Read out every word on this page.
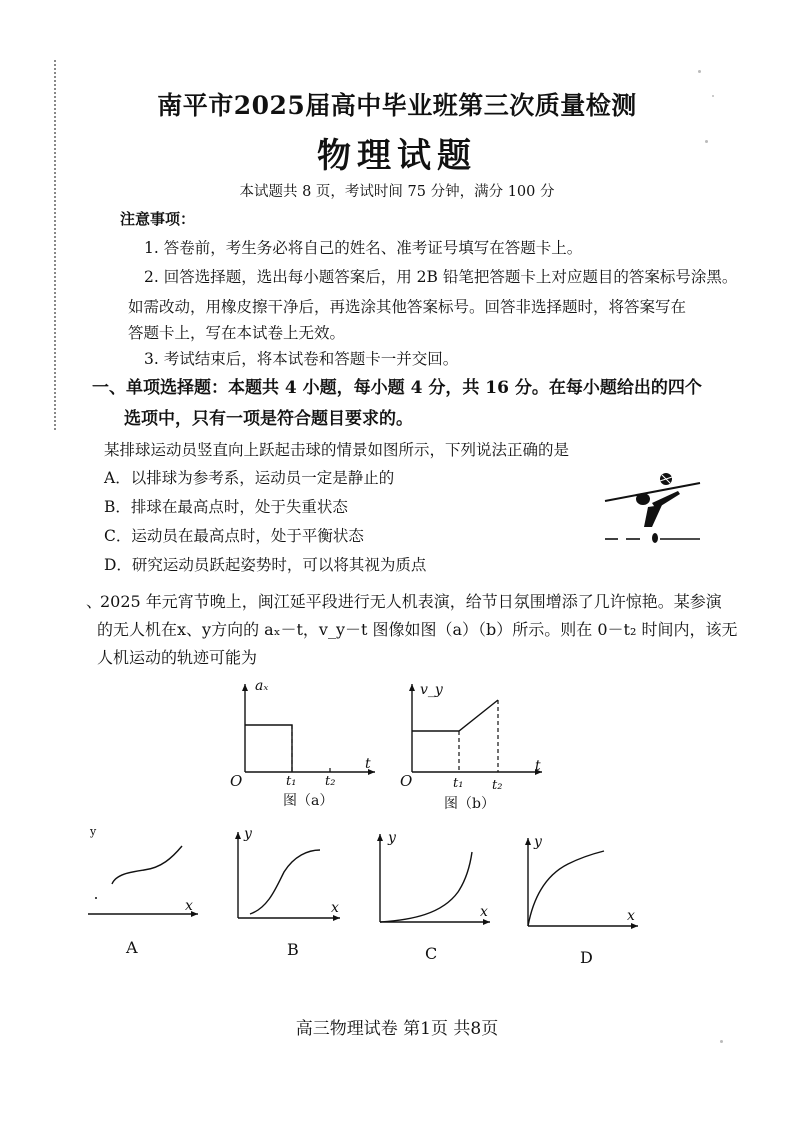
南平市2025届高中毕业班第三次质量检测
物理试题
本试题共 8 页，考试时间 75 分钟，满分 100 分
注意事项：
1. 答卷前，考生务必将自己的姓名、准考证号填写在答题卡上。
2. 回答选择题，选出每小题答案后，用 2B 铅笔把答题卡上对应题目的答案标号涂黑。
如需改动，用橡皮擦干净后，再选涂其他答案标号。回答非选择题时，将答案写在
答题卡上，写在本试卷上无效。
3. 考试结束后，将本试卷和答题卡一并交回。
一、单项选择题：本题共 4 小题，每小题 4 分，共 16 分。在每小题给出的四个
选项中，只有一项是符合题目要求的。
某排球运动员竖直向上跃起击球的情景如图所示，下列说法正确的是
A．以排球为参考系，运动员一定是静止的
B．排球在最高点时，处于失重状态
C．运动员在最高点时，处于平衡状态
D．研究运动员跃起姿势时，可以将其视为质点
、
2025 年元宵节晚上，闽江延平段进行无人机表演，给节日氛围增添了几许惊艳。某参演
的无人机在x、y方向的 aₓ－t，v_y－t 图像如图（a）（b）所示。则在 0－t₂ 时间内，该无
人机运动的轨迹可能为
aₓ
t
O	t₁ t₂
图（a）
v_y
t
O	t₁ t₂
图（b）
y
x
A
y
x
B
y
x
C
y
x
D
高三物理试卷 第1页 共8页
